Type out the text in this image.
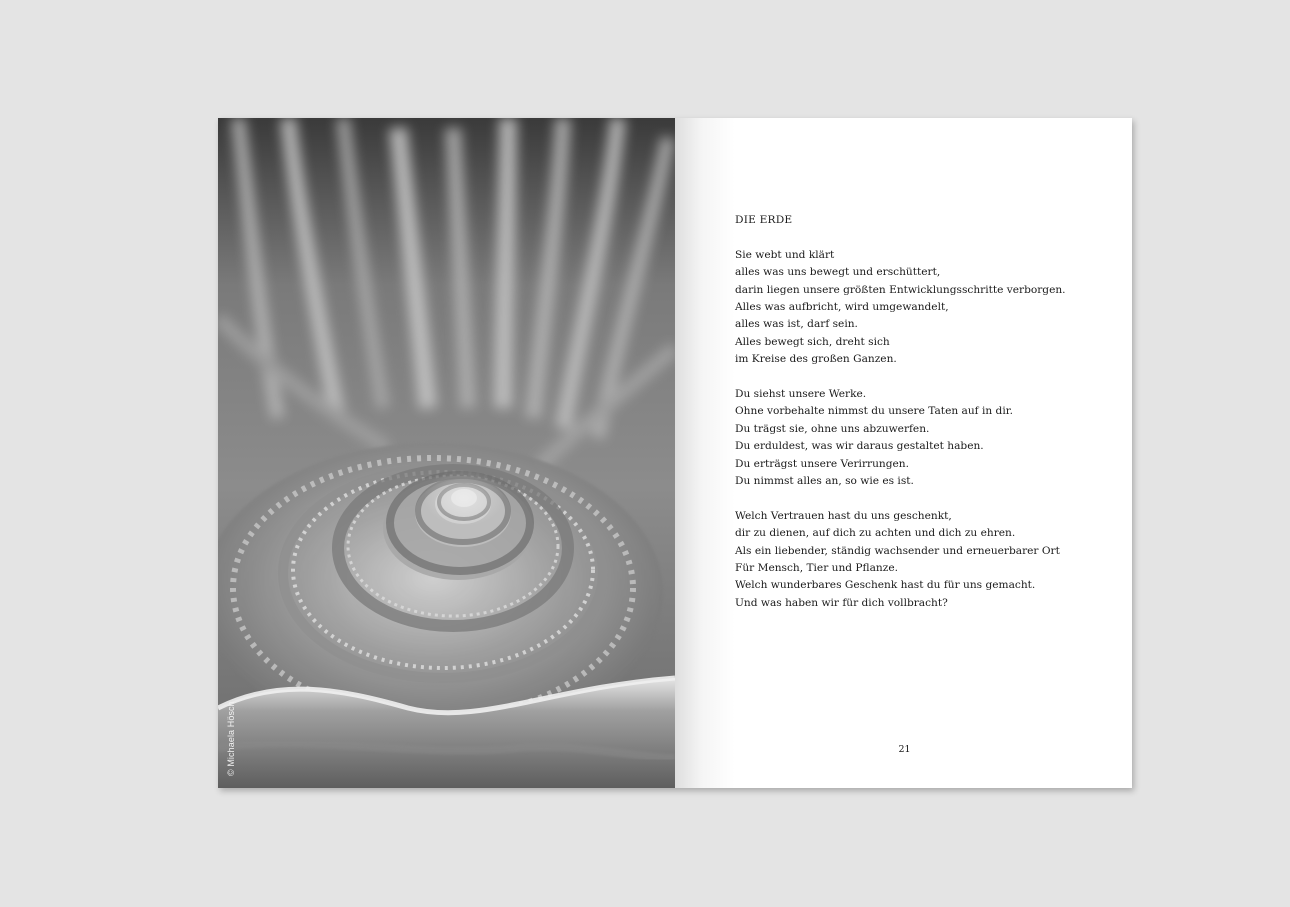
© Michaela Hösch
DIE ERDE
Sie webt und klärt
alles was uns bewegt und erschüttert,
darin liegen unsere größten Entwicklungsschritte verborgen.
Alles was aufbricht, wird umgewandelt,
alles was ist, darf sein.
Alles bewegt sich, dreht sich
im Kreise des großen Ganzen.
Du siehst unsere Werke.
Ohne vorbehalte nimmst du unsere Taten auf in dir.
Du trägst sie, ohne uns abzuwerfen.
Du erduldest, was wir daraus gestaltet haben.
Du erträgst unsere Verirrungen.
Du nimmst alles an, so wie es ist.
Welch Vertrauen hast du uns geschenkt,
dir zu dienen, auf dich zu achten und dich zu ehren.
Als ein liebender, ständig wachsender und erneuerbarer Ort
Für Mensch, Tier und Pflanze.
Welch wunderbares Geschenk hast du für uns gemacht.
Und was haben wir für dich vollbracht?
21
